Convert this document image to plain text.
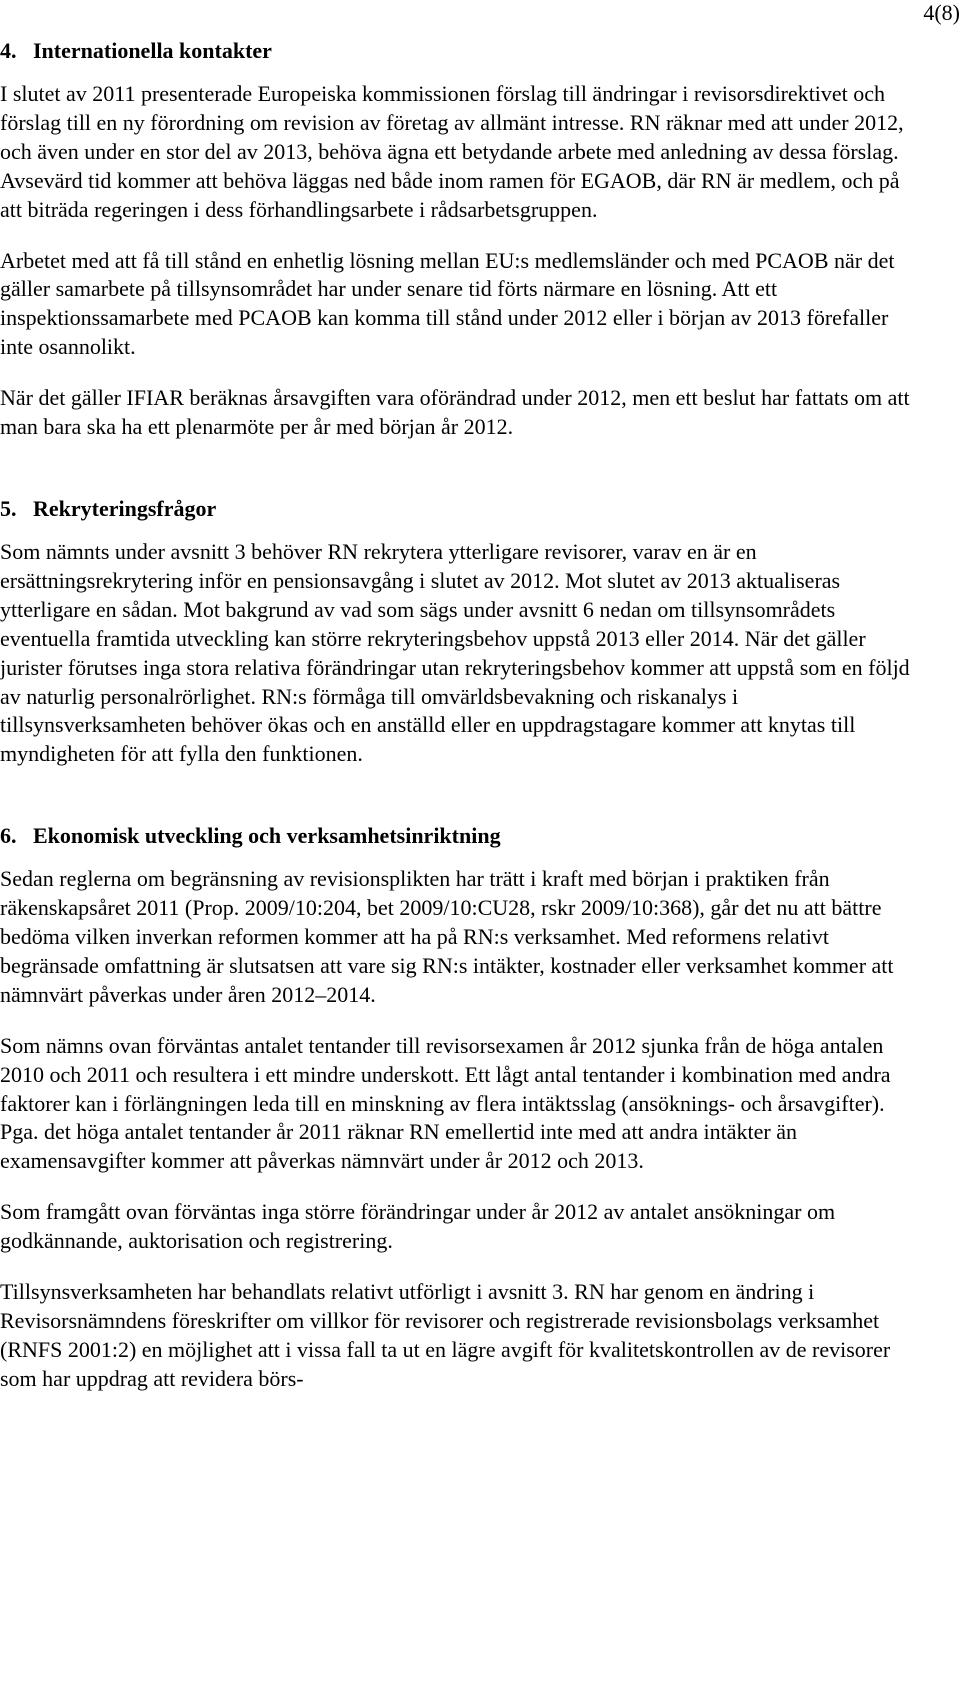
4(8)
4. Internationella kontakter

I slutet av 2011 presenterade Europeiska kommissionen förslag till ändringar i revisorsdirektivet och förslag till en ny förordning om revision av företag av allmänt intresse. RN räknar med att under 2012, och även under en stor del av 2013, behöva ägna ett betydande arbete med anledning av dessa förslag. Avsevärd tid kommer att behöva läggas ned både inom ramen för EGAOB, där RN är medlem, och på att biträda regeringen i dess förhandlingsarbete i rådsarbetsgruppen.

Arbetet med att få till stånd en enhetlig lösning mellan EU:s medlemsländer och med PCAOB när det gäller samarbete på tillsynsområdet har under senare tid förts närmare en lösning. Att ett inspektionssamarbete med PCAOB kan komma till stånd under 2012 eller i början av 2013 förefaller inte osannolikt.

När det gäller IFIAR beräknas årsavgiften vara oförändrad under 2012, men ett beslut har fattats om att man bara ska ha ett plenarmöte per år med början år 2012.

5. Rekryteringsfrågor

Som nämnts under avsnitt 3 behöver RN rekrytera ytterligare revisorer, varav en är en ersättningsrekrytering inför en pensionsavgång i slutet av 2012. Mot slutet av 2013 aktualiseras ytterligare en sådan. Mot bakgrund av vad som sägs under avsnitt 6 nedan om tillsynsområdets eventuella framtida utveckling kan större rekryteringsbehov uppstå 2013 eller 2014. När det gäller jurister förutses inga stora relativa förändringar utan rekryteringsbehov kommer att uppstå som en följd av naturlig personalrörlighet. RN:s förmåga till omvärldsbevakning och riskanalys i tillsynsverksamheten behöver ökas och en anställd eller en uppdragstagare kommer att knytas till myndigheten för att fylla den funktionen.

6. Ekonomisk utveckling och verksamhetsinriktning

Sedan reglerna om begränsning av revisionsplikten har trätt i kraft med början i praktiken från räkenskapsåret 2011 (Prop. 2009/10:204, bet 2009/10:CU28, rskr 2009/10:368), går det nu att bättre bedöma vilken inverkan reformen kommer att ha på RN:s verksamhet. Med reformens relativt begränsade omfattning är slutsatsen att vare sig RN:s intäkter, kostnader eller verksamhet kommer att nämnvärt påverkas under åren 2012–2014.

Som nämns ovan förväntas antalet tentander till revisorsexamen år 2012 sjunka från de höga antalen 2010 och 2011 och resultera i ett mindre underskott. Ett lågt antal tentander i kombination med andra faktorer kan i förlängningen leda till en minskning av flera intäktsslag (ansöknings- och årsavgifter). Pga. det höga antalet tentander år 2011 räknar RN emellertid inte med att andra intäkter än examensavgifter kommer att påverkas nämnvärt under år 2012 och 2013.

Som framgått ovan förväntas inga större förändringar under år 2012 av antalet ansökningar om godkännande, auktorisation och registrering.

Tillsynsverksamheten har behandlats relativt utförligt i avsnitt 3. RN har genom en ändring i Revisorsnämndens föreskrifter om villkor för revisorer och registrerade revisionsbolags verksamhet (RNFS 2001:2) en möjlighet att i vissa fall ta ut en lägre avgift för kvalitetskontrollen av de revisorer som har uppdrag att revidera börs-
